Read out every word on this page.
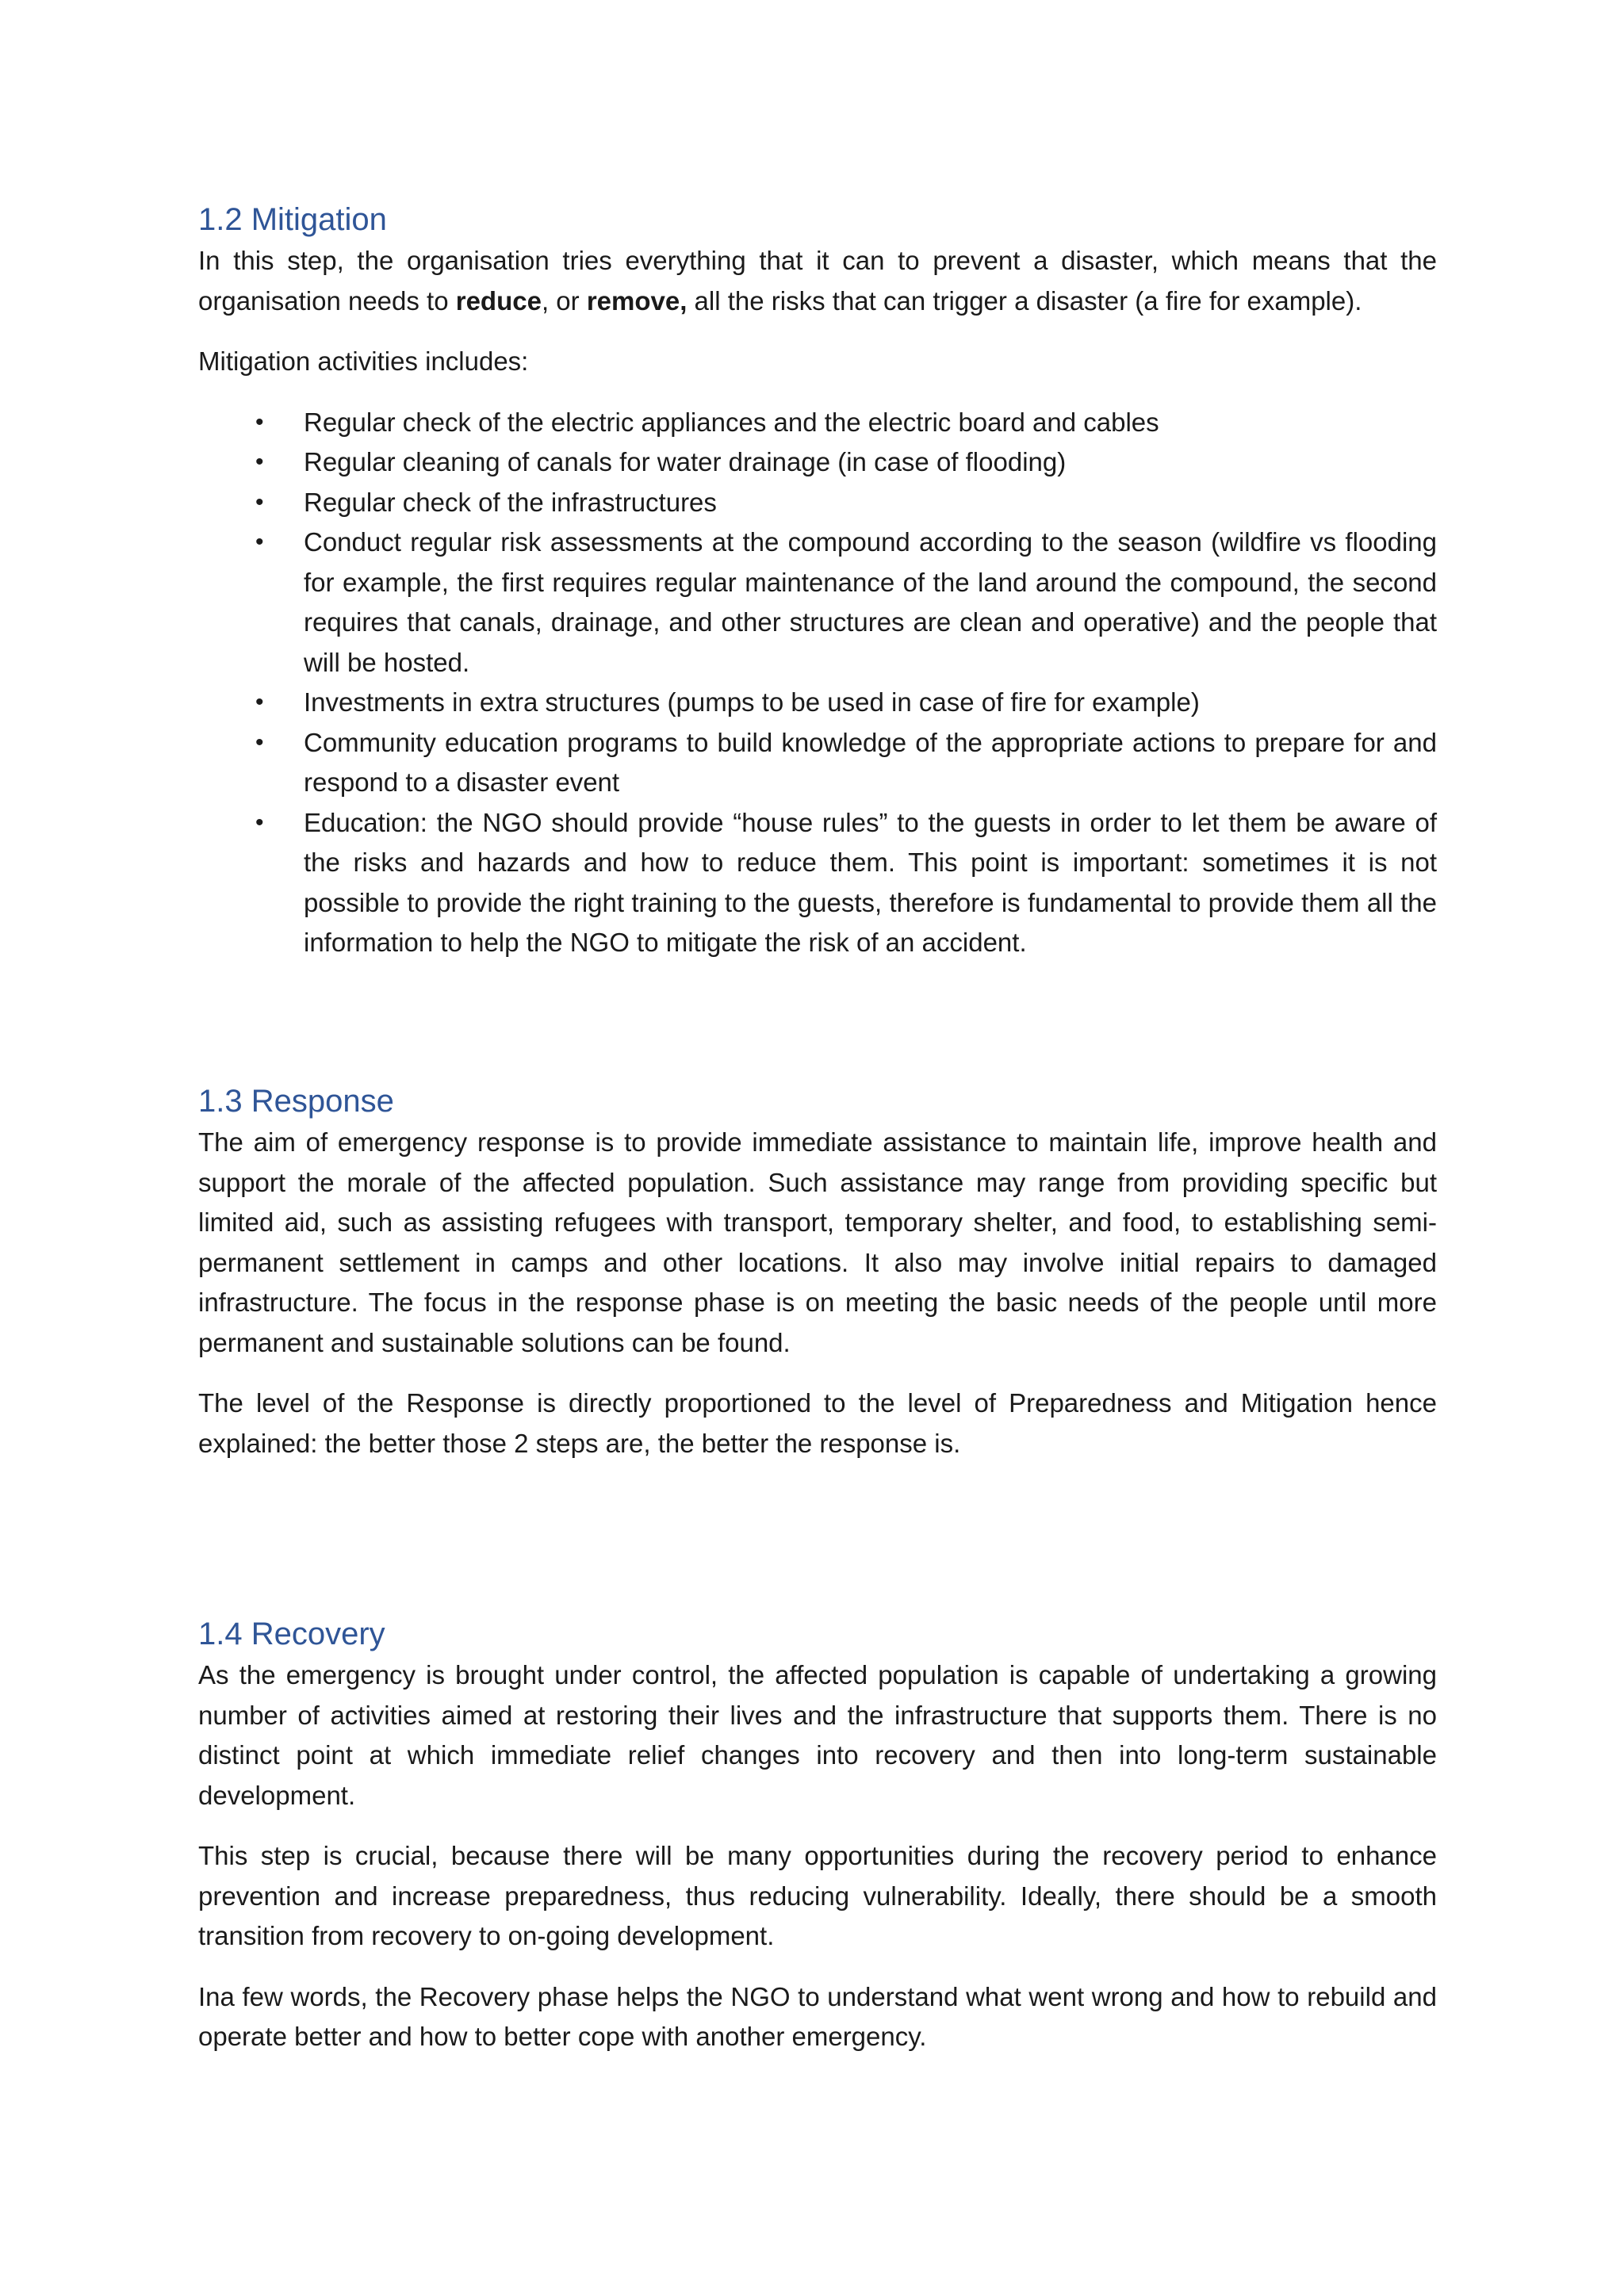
1.2 Mitigation

In this step, the organisation tries everything that it can to prevent a disaster, which means that the organisation needs to reduce, or remove, all the risks that can trigger a disaster (a fire for example).

Mitigation activities includes:

•	Regular check of the electric appliances and the electric board and cables
•	Regular cleaning of canals for water drainage (in case of flooding)
•	Regular check of the infrastructures
•	Conduct regular risk assessments at the compound according to the season (wildfire vs flooding for example, the first requires regular maintenance of the land around the compound, the second requires that canals, drainage, and other structures are clean and operative) and the people that will be hosted.
•	Investments in extra structures (pumps to be used in case of fire for example)
•	Community education programs to build knowledge of the appropriate actions to prepare for and respond to a disaster event
•	Education: the NGO should provide “house rules” to the guests in order to let them be aware of the risks and hazards and how to reduce them. This point is important: sometimes it is not possible to provide the right training to the guests, therefore is fundamental to provide them all the information to help the NGO to mitigate the risk of an accident.
1.3 Response

The aim of emergency response is to provide immediate assistance to maintain life, improve health and support the morale of the affected population. Such assistance may range from providing specific but limited aid, such as assisting refugees with transport, temporary shelter, and food, to establishing semi-permanent settlement in camps and other locations. It also may involve initial repairs to damaged infrastructure. The focus in the response phase is on meeting the basic needs of the people until more permanent and sustainable solutions can be found.

The level of the Response is directly proportioned to the level of Preparedness and Mitigation hence explained: the better those 2 steps are, the better the response is.

1.4 Recovery

As the emergency is brought under control, the affected population is capable of undertaking a growing number of activities aimed at restoring their lives and the infrastructure that supports them. There is no distinct point at which immediate relief changes into recovery and then into long-term sustainable development.

This step is crucial, because there will be many opportunities during the recovery period to enhance prevention and increase preparedness, thus reducing vulnerability. Ideally, there should be a smooth transition from recovery to on-going development.

Ina few words, the Recovery phase helps the NGO to understand what went wrong and how to rebuild and operate better and how to better cope with another emergency.
